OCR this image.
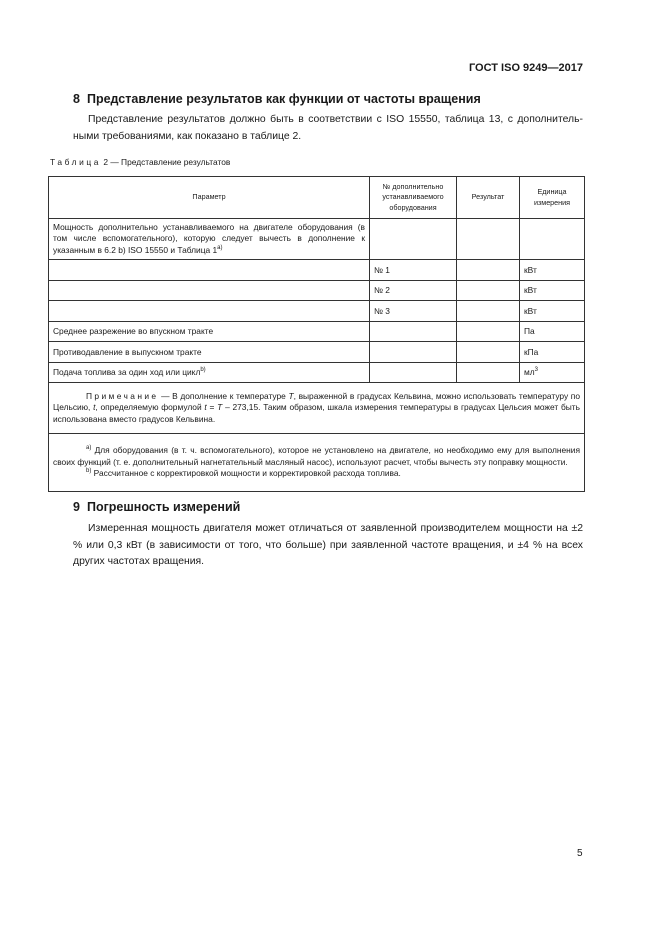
ГОСТ ISO 9249—2017
8 Представление результатов как функции от частоты вращения
Представление результатов должно быть в соответствии с ISO 15550, таблица 13, с дополнительными требованиями, как показано в таблице 2.
Таблица 2 — Представление результатов
Параметр	№ дополнительно устанавливаемого оборудования	Результат	Единица измерения

Мощность дополнительно устанавливаемого на двигателе оборудования (в том числе вспомогательного), которую следует вычесть в дополнение к указанным в 6.2 b) ISO 15550 и Таблица 1$^{a)}$

	№ 1		кВт
	№ 2		кВт
	№ 3		кВт
Среднее разрежение во впускном тракте			Па
Противодавление в выпускном тракте			кПа
Подача топлива за один ход или цикл$^{b)}$			$мл^3$
Примечание — В дополнение к температуре T, выраженной в градусах Кельвина, можно использовать температуру по Цельсию, t, определяемую формулой t = T – 273,15. Таким образом, шкала измерения температуры в градусах Цельсия может быть использована вместо градусов Кельвина.			

$^{a)}$ Для оборудования (в т. ч. вспомогательного), которое не установлено на двигателе, но необходимо ему для выполнения своих функций (т. е. дополнительный нагнетательный масляный насос), используют расчет, чтобы вычесть эту поправку мощности.
$^{b)}$ Рассчитанное с корректировкой мощности и корректировкой расхода топлива.			
9 Погрешность измерений
Измеренная мощность двигателя может отличаться от заявленной производителем мощности на ±2 % или 0,3 кВт (в зависимости от того, что больше) при заявленной частоте вращения, и ±4 % на всех других частотах вращения.
5
